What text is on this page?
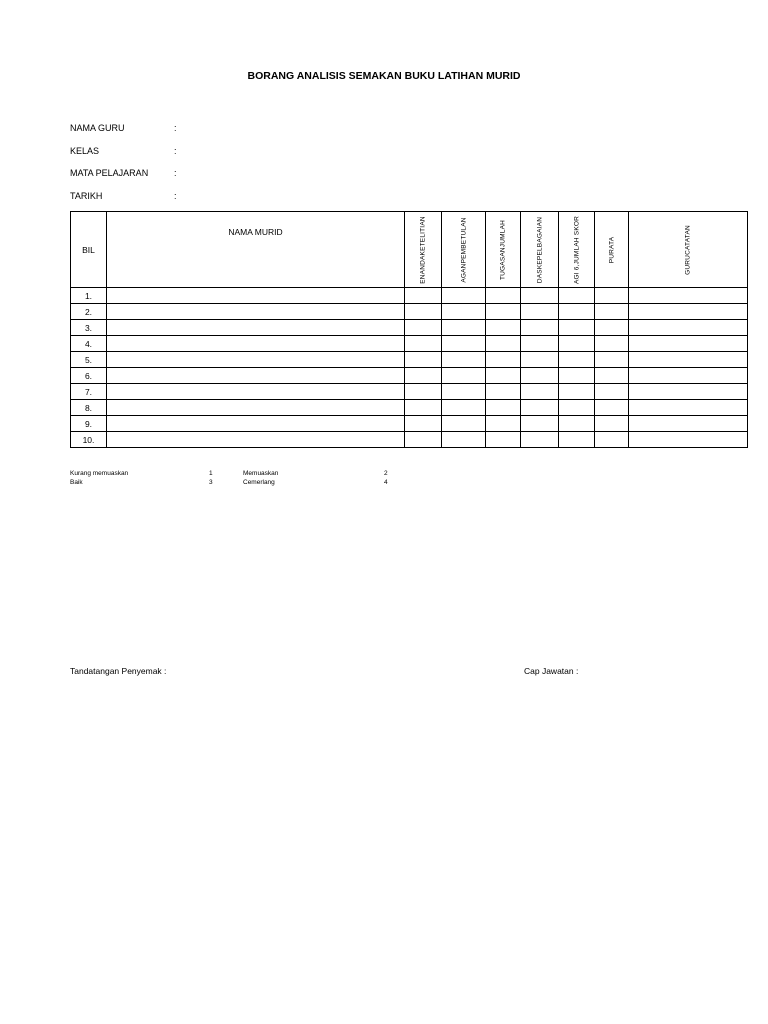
BORANG ANALISIS SEMAKAN BUKU LATIHAN MURID
NAMA GURU	:
KELAS	:
MATA PELAJARAN	:
TARIKH	:
BIL	NAMA MURID	ENANDAKETELITIAN	AGANPEMBETULAN	TUGASANJUMLAH	DASKEPELBAGAIAN	AGI 6,JUMLAH SKOR	PURATA	GURUCATATAN

1.								
2.								
3.								
4.								
5.								
6.								
7.								
8.								
9.								
10.								
Kurang memuaskan	1	Memuaskan	2
Baik	3	Cemerlang	4
Tandatangan Penyemak :	Cap Jawatan :
